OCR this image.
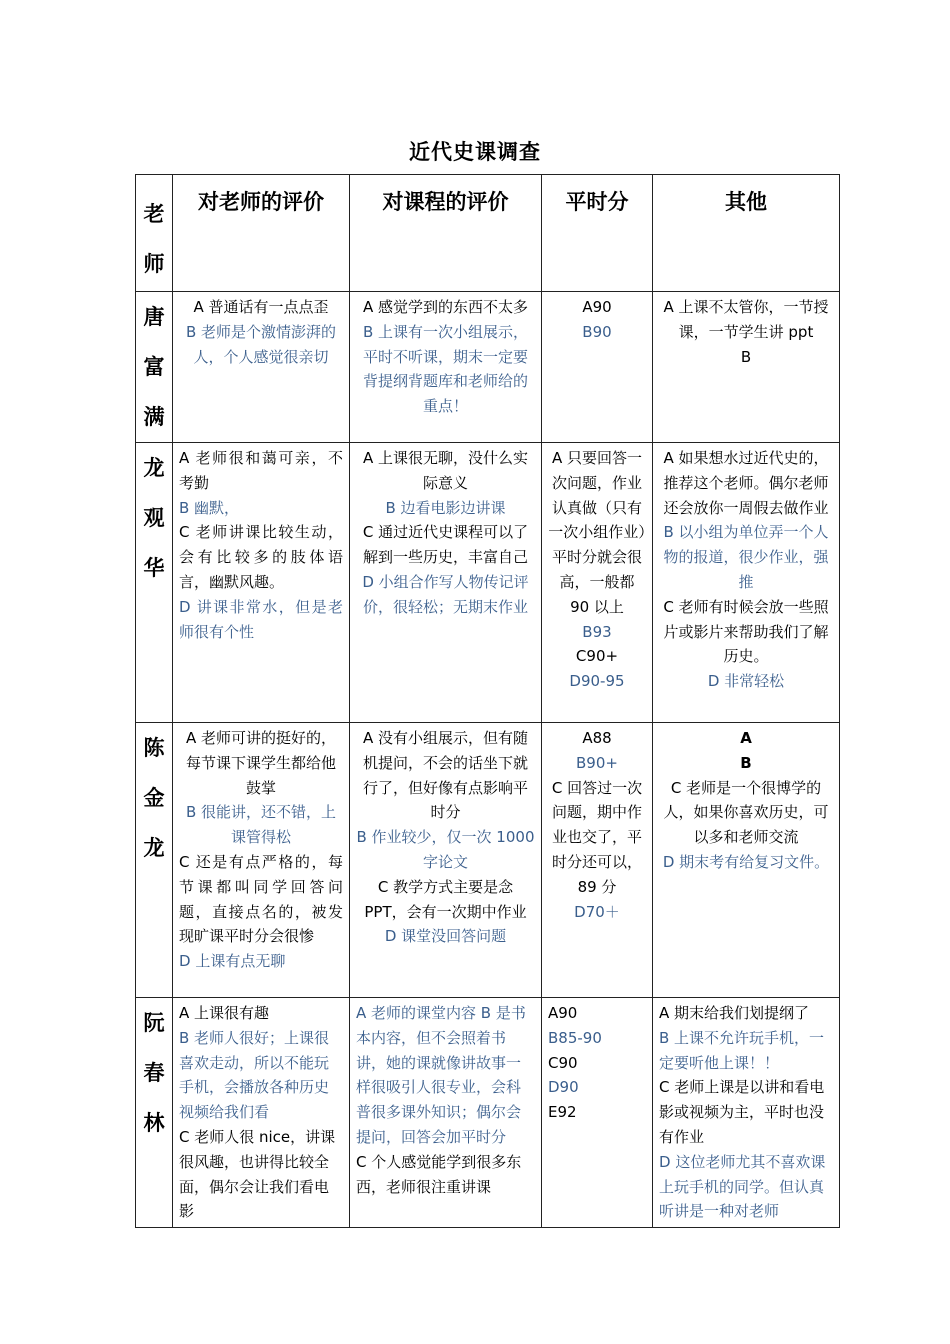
近代史课调查
老
师	对老师的评价	对课程的评价	平时分	其他

唐
富
满	A 普通话有一点点歪
B 老师是个激情澎湃的人，个人感觉很亲切	A 感觉学到的东西不太多
B 上课有一次小组展示，平时不听课，期末一定要背提纲背题库和老师给的重点！	A90
B90	A 上课不太管你，一节授课，一节学生讲 ppt
B

龙
观
华	A 老师很和蔼可亲，不考勤
B 幽默，
C 老师讲课比较生动，会有比较多的肢体语言，幽默风趣。
D 讲课非常水，但是老师很有个性	A 上课很无聊，没什么实际意义
B 边看电影边讲课
C 通过近代史课程可以了解到一些历史，丰富自己
D 小组合作写人物传记评价，很轻松；无期末作业	A 只要回答一次问题，作业认真做（只有一次小组作业）平时分就会很高，一般都 90 以上
B93
C90+
D90-95	A 如果想水过近代史的，推荐这个老师。偶尔老师还会放你一周假去做作业
B 以小组为单位弄一个人物的报道，很少作业，强推
C 老师有时候会放一些照片或影片来帮助我们了解历史。
D 非常轻松

陈
金
龙	A 老师可讲的挺好的，每节课下课学生都给他鼓掌
B 很能讲，还不错，上课管得松
C 还是有点严格的，每节课都叫同学回答问题，直接点名的，被发现旷课平时分会很惨
D 上课有点无聊	A 没有小组展示，但有随机提问，不会的话坐下就行了，但好像有点影响平时分
B 作业较少，仅一次 1000 字论文
C 教学方式主要是念 PPT，会有一次期中作业
D 课堂没回答问题	A88
B90+
C 回答过一次问题，期中作业也交了，平时分还可以，89 分
D70＋	A
B
C 老师是一个很博学的人，如果你喜欢历史，可以多和老师交流
D 期末考有给复习文件。

阮
春
林	A 上课很有趣
B 老师人很好；上课很喜欢走动，所以不能玩手机，会播放各种历史视频给我们看
C 老师人很 nice，讲课很风趣，也讲得比较全面，偶尔会让我们看电影	A 老师的课堂内容 B 是书本内容，但不会照着书讲，她的课就像讲故事一样很吸引人很专业，会科普很多课外知识；偶尔会提问，回答会加平时分
C 个人感觉能学到很多东西，老师很注重讲课	A90
B85-90
C90
D90
E92	A 期末给我们划提纲了
B 上课不允许玩手机，一定要听他上课！！
C 老师上课是以讲和看电影或视频为主，平时也没有作业
D 这位老师尤其不喜欢课上玩手机的同学。但认真听讲是一种对老师
